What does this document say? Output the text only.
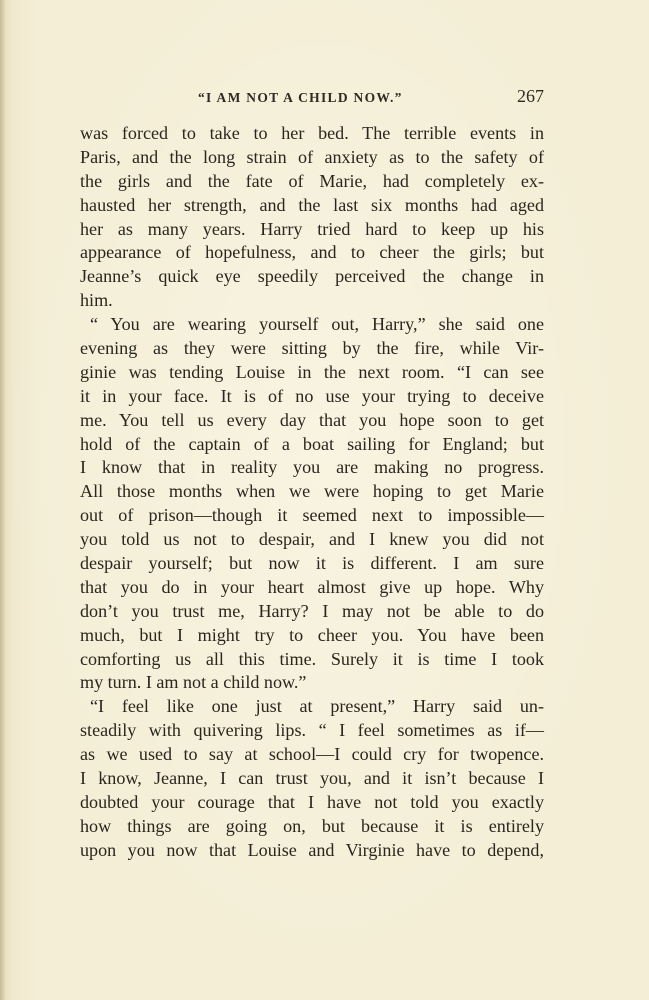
“I AM NOT A CHILD NOW.”	267
was forced to take to her bed. The terrible events in
Paris, and the long strain of anxiety as to the safety of
the girls and the fate of Marie, had completely ex-
hausted her strength, and the last six months had aged
her as many years. Harry tried hard to keep up his
appearance of hopefulness, and to cheer the girls; but
Jeanne’s quick eye speedily perceived the change in
him.
“ You are wearing yourself out, Harry,” she said one
evening as they were sitting by the fire, while Vir-
ginie was tending Louise in the next room. “I can see
it in your face. It is of no use your trying to deceive
me. You tell us every day that you hope soon to get
hold of the captain of a boat sailing for England; but
I know that in reality you are making no progress.
All those months when we were hoping to get Marie
out of prison—though it seemed next to impossible—
you told us not to despair, and I knew you did not
despair yourself; but now it is different. I am sure
that you do in your heart almost give up hope. Why
don’t you trust me, Harry? I may not be able to do
much, but I might try to cheer you. You have been
comforting us all this time. Surely it is time I took
my turn. I am not a child now.”
“I feel like one just at present,” Harry said un-
steadily with quivering lips. “ I feel sometimes as if—
as we used to say at school—I could cry for twopence.
I know, Jeanne, I can trust you, and it isn’t because I
doubted your courage that I have not told you exactly
how things are going on, but because it is entirely
upon you now that Louise and Virginie have to depend,
